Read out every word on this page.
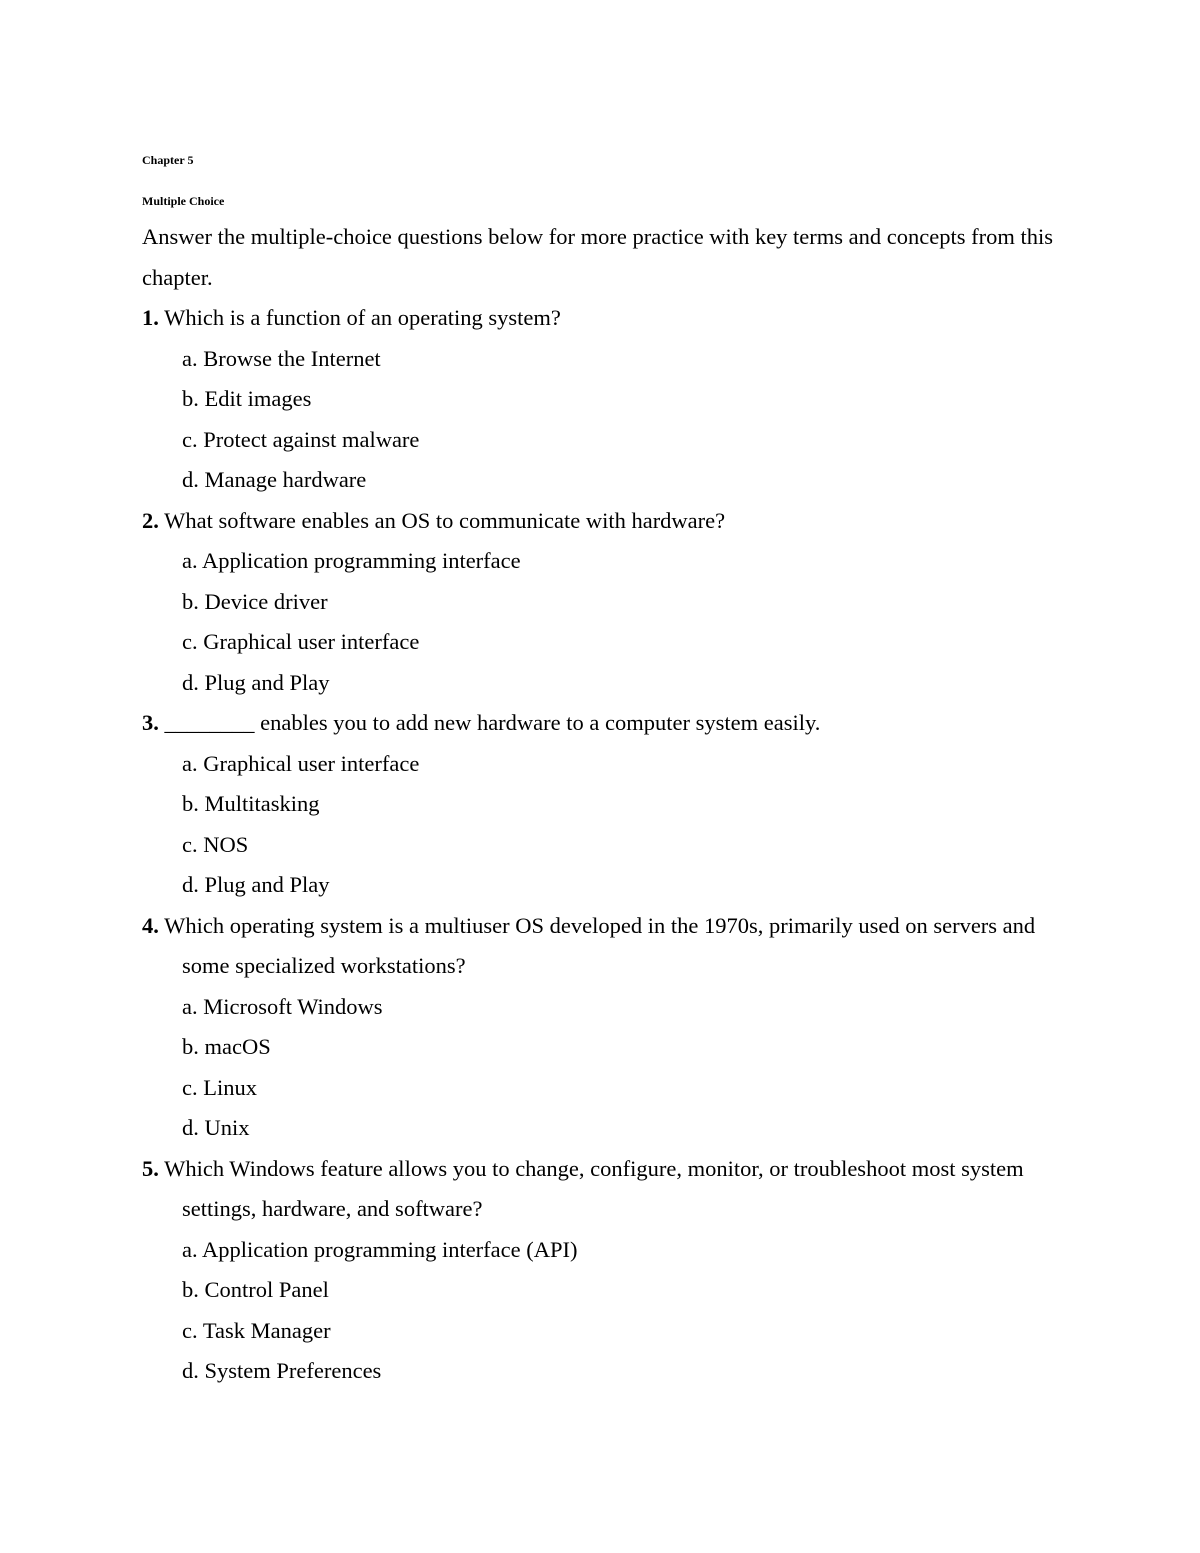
Chapter 5
Multiple Choice

Answer the multiple-choice questions below for more practice with key terms and concepts from this chapter.

1. Which is a function of an operating system?

a. Browse the Internet

b. Edit images

c. Protect against malware

d. Manage hardware

2. What software enables an OS to communicate with hardware?

a. Application programming interface

b. Device driver

c. Graphical user interface

d. Plug and Play

3. ________ enables you to add new hardware to a computer system easily.

a. Graphical user interface

b. Multitasking

c. NOS

d. Plug and Play

4. Which operating system is a multiuser OS developed in the 1970s, primarily used on servers and some specialized workstations?

a. Microsoft Windows

b. macOS

c. Linux

d. Unix

5. Which Windows feature allows you to change, configure, monitor, or troubleshoot most system settings, hardware, and software?

a. Application programming interface (API)

b. Control Panel

c. Task Manager

d. System Preferences
